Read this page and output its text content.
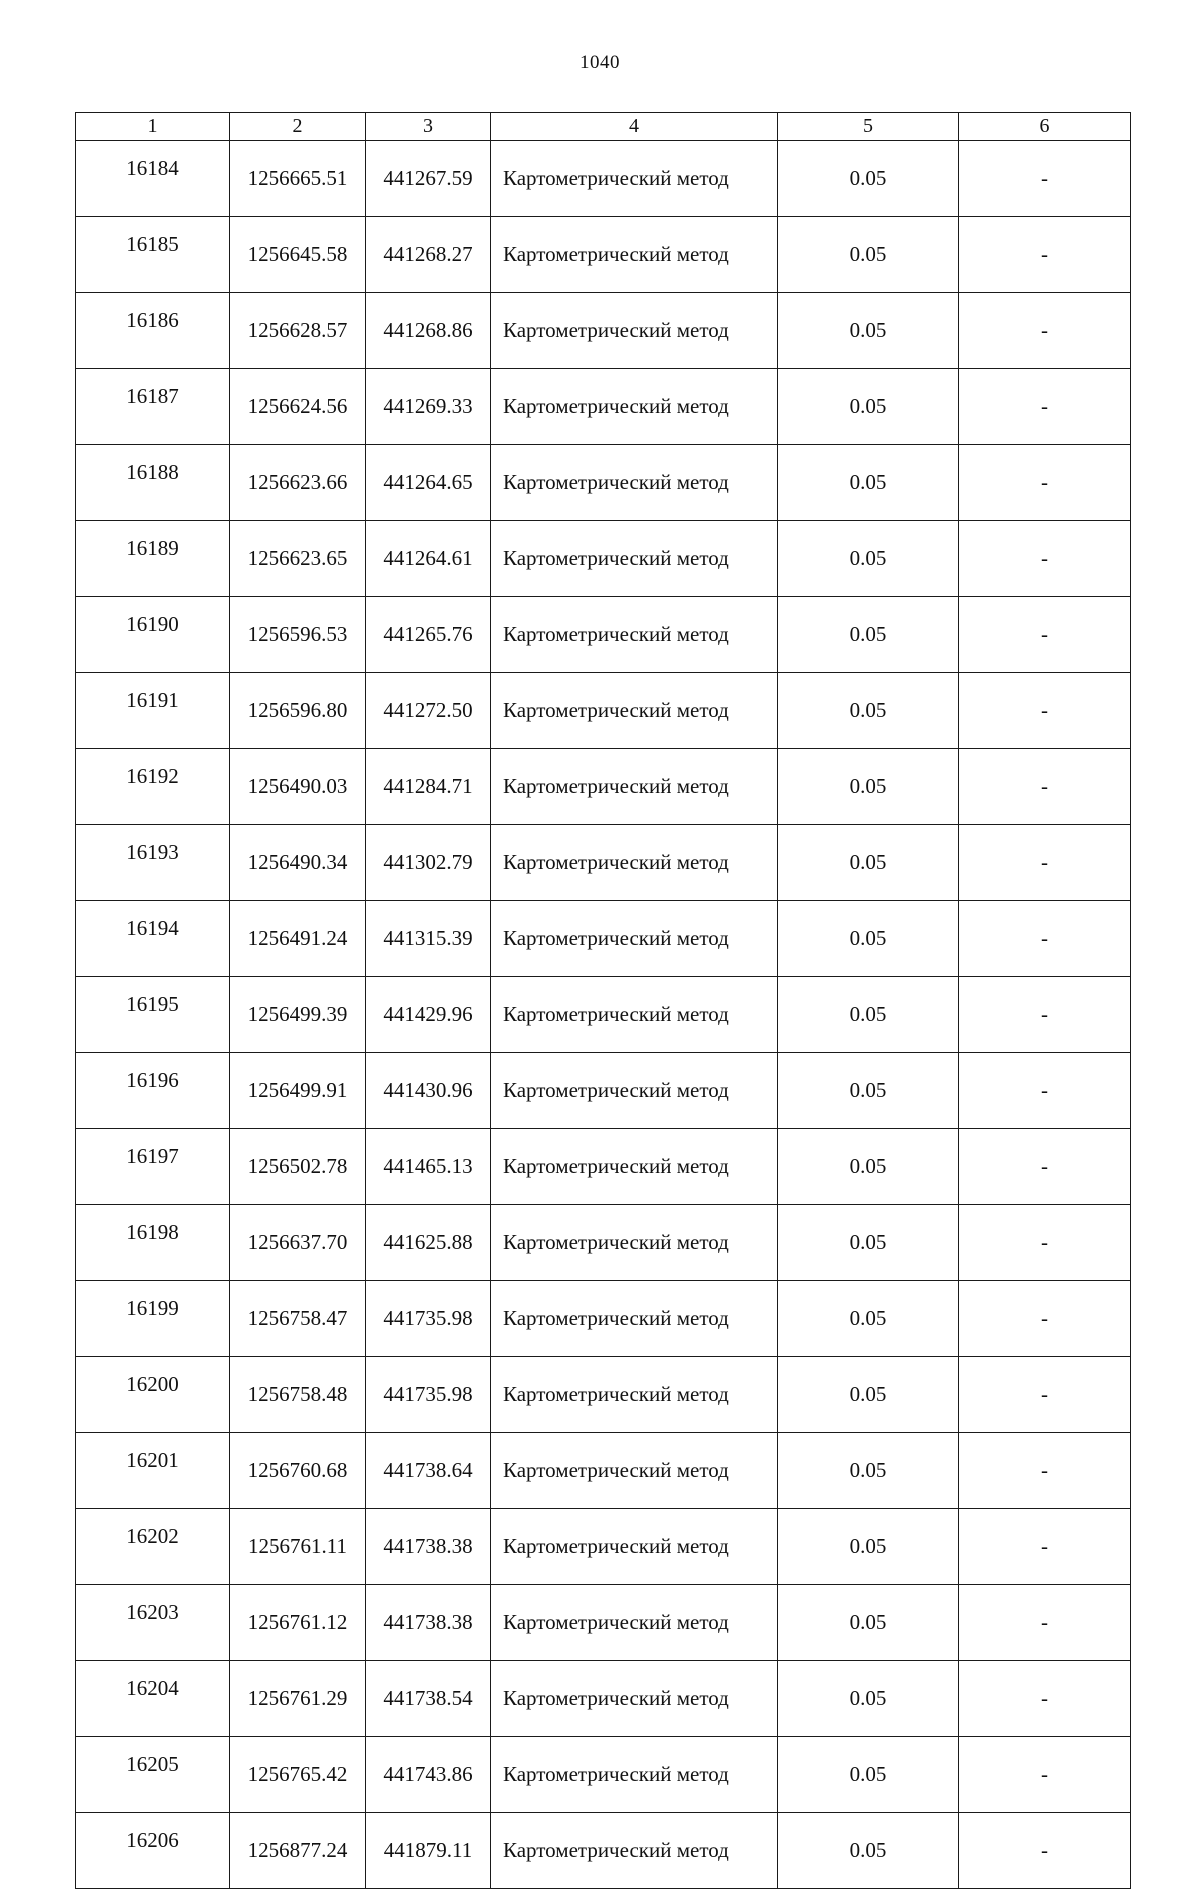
1040
1	2	3	4	5	6
16184	1256665.51	441267.59	Картометрический метод	0.05	-
16185	1256645.58	441268.27	Картометрический метод	0.05	-
16186	1256628.57	441268.86	Картометрический метод	0.05	-
16187	1256624.56	441269.33	Картометрический метод	0.05	-
16188	1256623.66	441264.65	Картометрический метод	0.05	-
16189	1256623.65	441264.61	Картометрический метод	0.05	-
16190	1256596.53	441265.76	Картометрический метод	0.05	-
16191	1256596.80	441272.50	Картометрический метод	0.05	-
16192	1256490.03	441284.71	Картометрический метод	0.05	-
16193	1256490.34	441302.79	Картометрический метод	0.05	-
16194	1256491.24	441315.39	Картометрический метод	0.05	-
16195	1256499.39	441429.96	Картометрический метод	0.05	-
16196	1256499.91	441430.96	Картометрический метод	0.05	-
16197	1256502.78	441465.13	Картометрический метод	0.05	-
16198	1256637.70	441625.88	Картометрический метод	0.05	-
16199	1256758.47	441735.98	Картометрический метод	0.05	-
16200	1256758.48	441735.98	Картометрический метод	0.05	-
16201	1256760.68	441738.64	Картометрический метод	0.05	-
16202	1256761.11	441738.38	Картометрический метод	0.05	-
16203	1256761.12	441738.38	Картометрический метод	0.05	-
16204	1256761.29	441738.54	Картометрический метод	0.05	-
16205	1256765.42	441743.86	Картометрический метод	0.05	-
16206	1256877.24	441879.11	Картометрический метод	0.05	-
